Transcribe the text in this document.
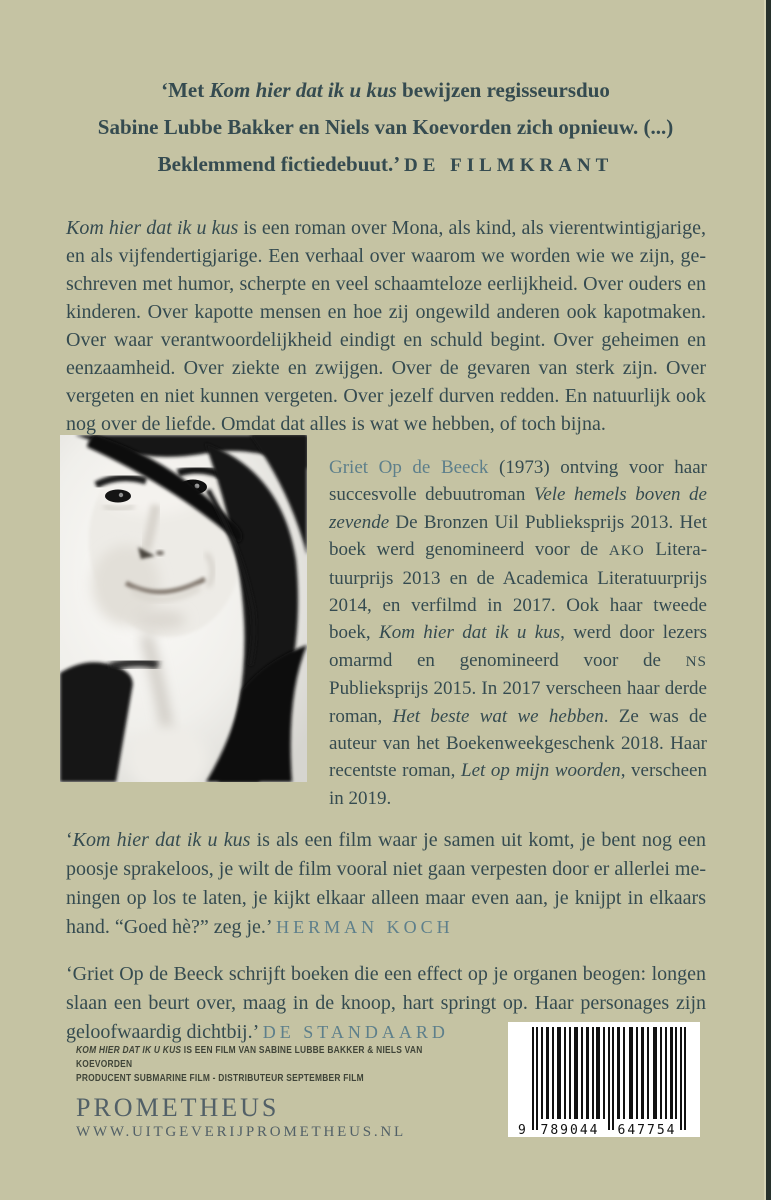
‘Met Kom hier dat ik u kus bewijzen regisseursduo
Sabine Lubbe Bakker en Niels van Koevorden zich opnieuw. (...)
Beklemmend fictiedebuut.’ DE FILMKRANT

Kom hier dat ik u kus is een roman over Mona, als kind, als vierentwintigjarige, en als vijfendertigjarige. Een verhaal over waarom we worden wie we zijn, geschreven met humor, scherpte en veel schaamteloze eerlijkheid. Over ouders en kinderen. Over kapotte mensen en hoe zij ongewild anderen ook kapotmaken. Over waar verantwoordelijkheid eindigt en schuld begint. Over geheimen en eenzaamheid. Over ziekte en zwijgen. Over de gevaren van sterk zijn. Over vergeten en niet kunnen vergeten. Over jezelf durven redden. En natuurlijk ook nog over de liefde. Omdat dat alles is wat we hebben, of toch bijna.

Griet Op de Beeck (1973) ontving voor haar succesvolle debuutroman Vele hemels boven de zevende De Bronzen Uil Publieksprijs 2013. Het boek werd genomineerd voor de AKO Literatuurprijs 2013 en de Academica Literatuurprijs 2014, en verfilmd in 2017. Ook haar tweede boek, Kom hier dat ik u kus, werd door lezers omarmd en genomineerd voor de NS Publieksprijs 2015. In 2017 verscheen haar derde roman, Het beste wat we hebben. Ze was de auteur van het Boekenweekgeschenk 2018. Haar recentste roman, Let op mijn woorden, verscheen in 2019.

‘Kom hier dat ik u kus is als een film waar je samen uit komt, je bent nog een poosje sprakeloos, je wilt de film vooral niet gaan verpesten door er allerlei meningen op los te laten, je kijkt elkaar alleen maar even aan, je knijpt in elkaars hand. “Goed hè?” zeg je.’ HERMAN KOCH

‘Griet Op de Beeck schrijft boeken die een effect op je organen beogen: longen slaan een beurt over, maag in de knoop, hart springt op. Haar personages zijn geloofwaardig dichtbij.’ DE STANDAARD

KOM HIER DAT IK U KUS IS EEN FILM VAN SABINE LUBBE BAKKER & NIELS VAN KOEVORDEN
PRODUCENT SUBMARINE FILM - DISTRIBUTEUR SEPTEMBER FILM
PROMETHEUS
WWW.UITGEVERIJPROMETHEUS.NL	9 789044 647754
